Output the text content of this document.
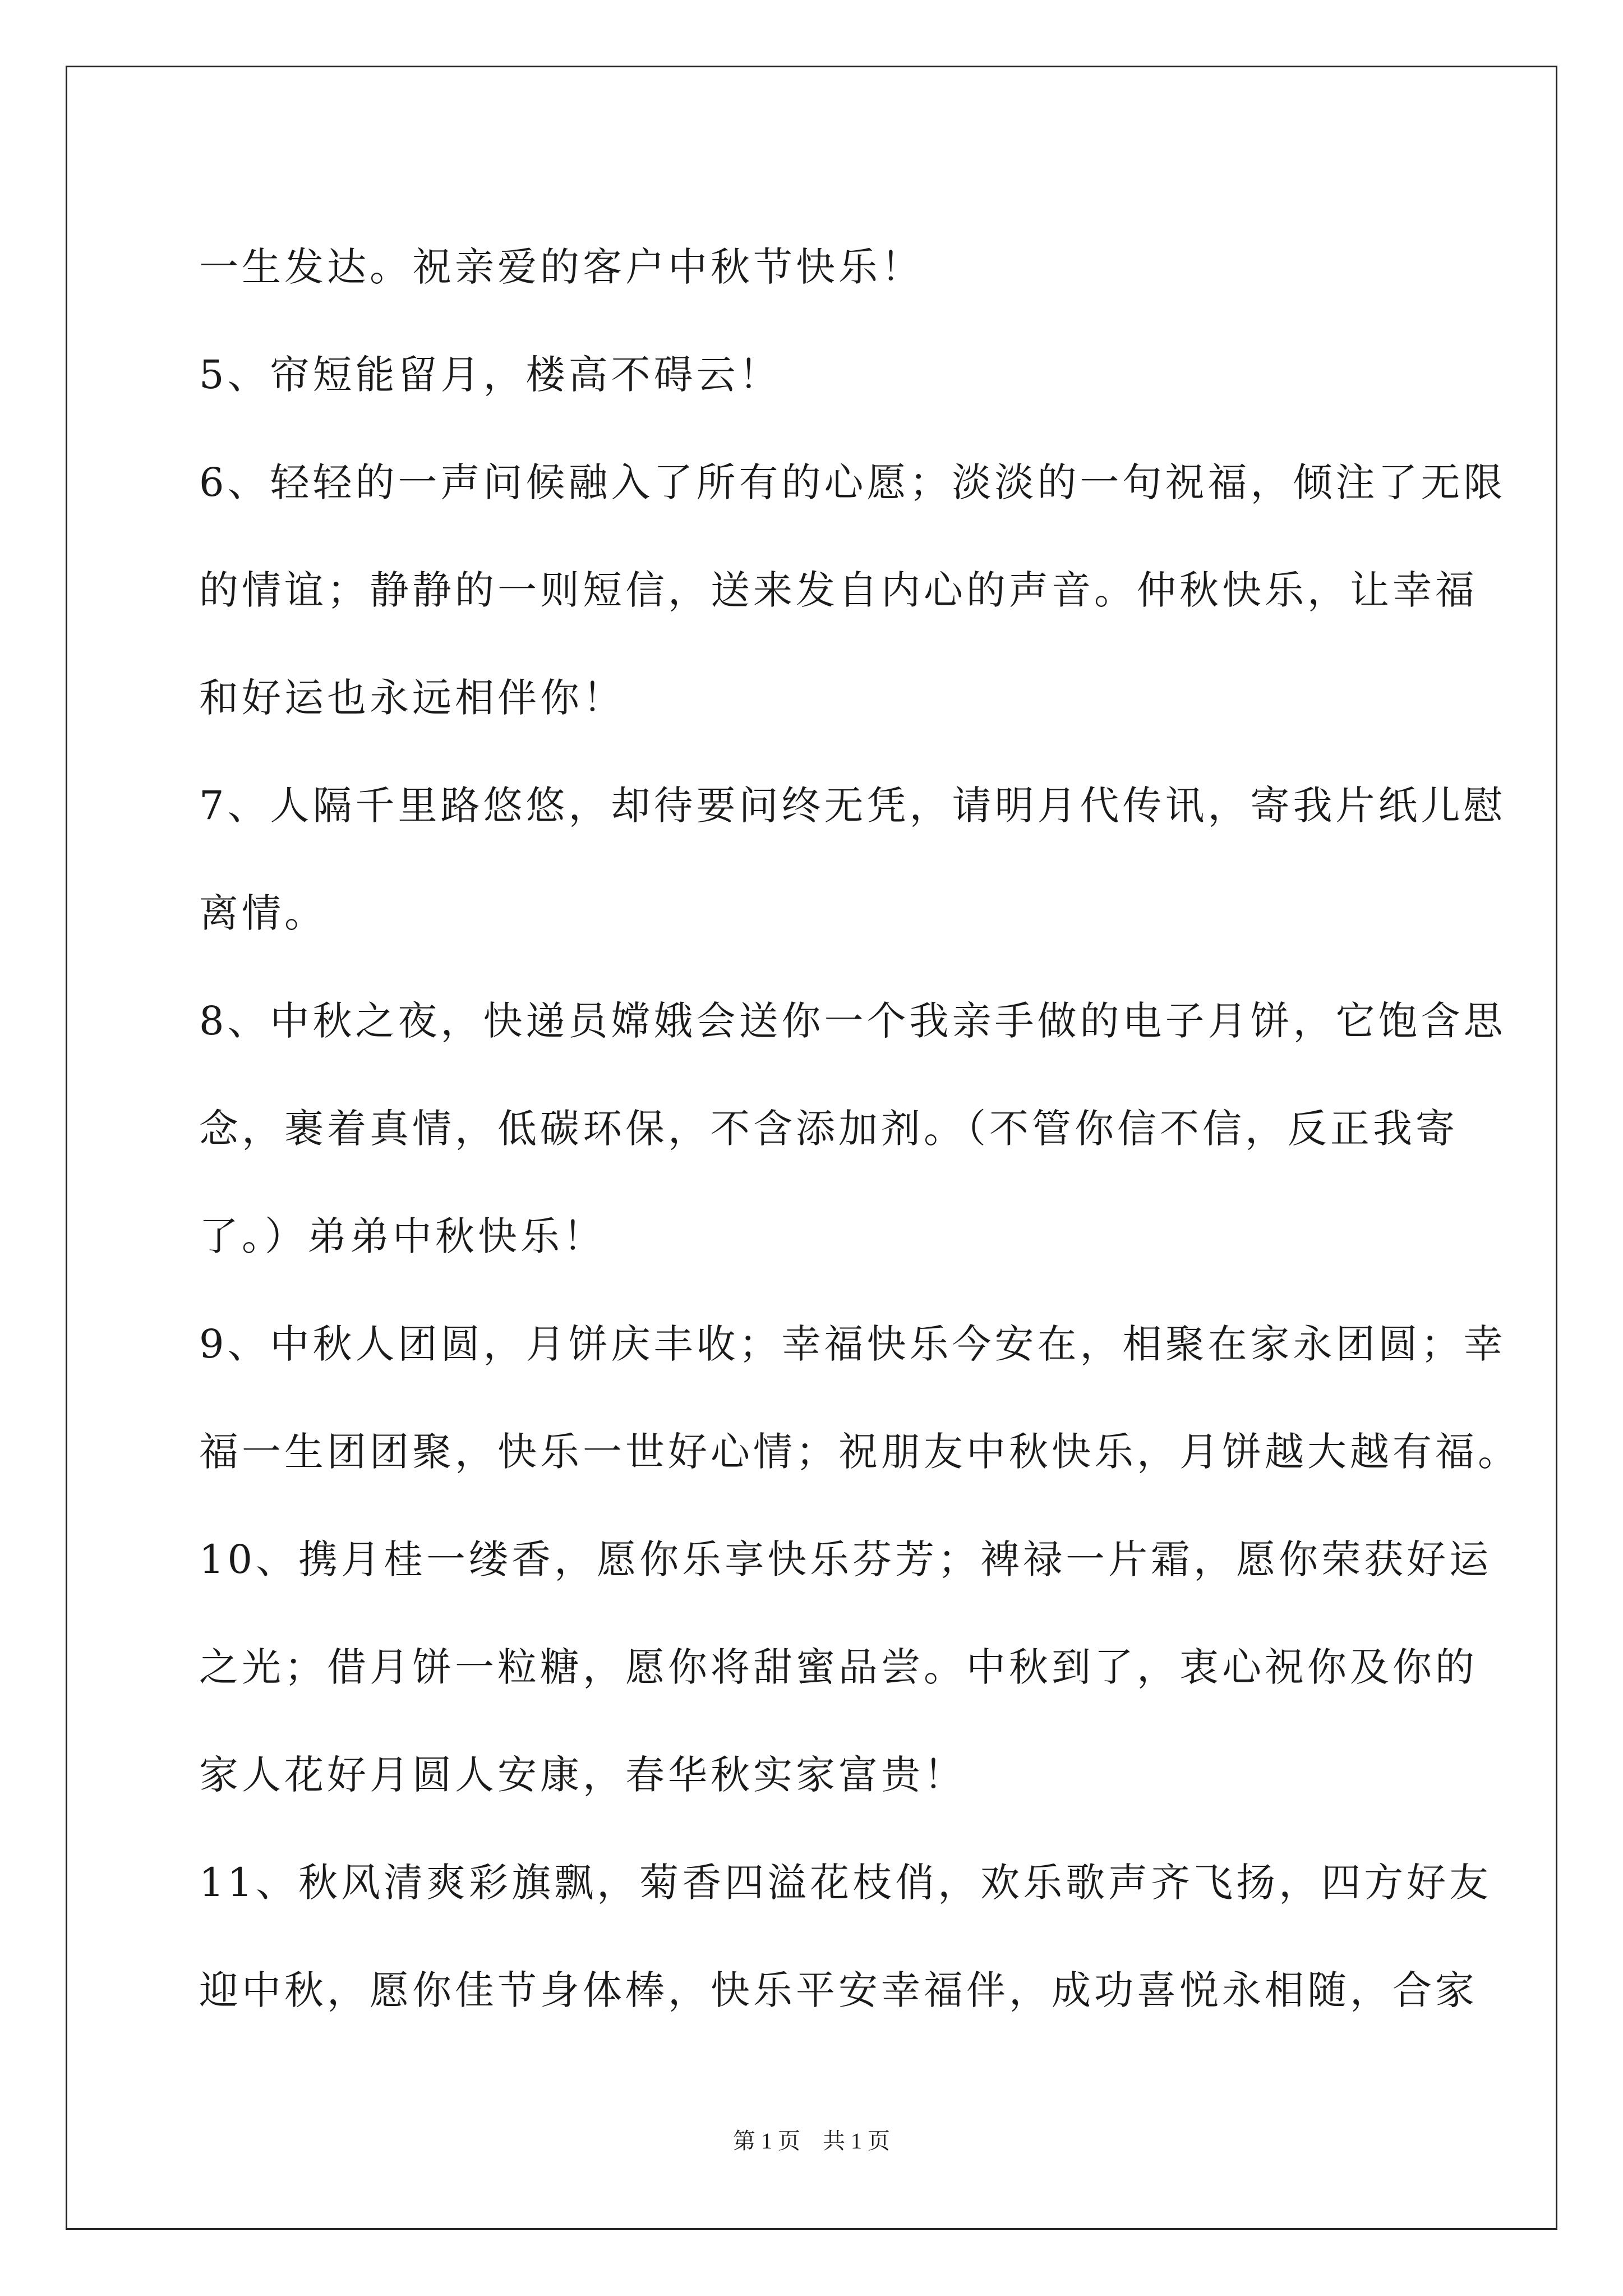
一生发达。祝亲爱的客户中秋节快乐！

5、帘短能留月，楼高不碍云！

6、轻轻的一声问候融入了所有的心愿；淡淡的一句祝福，倾注了无限

的情谊；静静的一则短信，送来发自内心的声音。仲秋快乐，让幸福

和好运也永远相伴你！

7、人隔千里路悠悠，却待要问终无凭，请明月代传讯，寄我片纸儿慰

离情。

8、中秋之夜，快递员嫦娥会送你一个我亲手做的电子月饼，它饱含思

念，裹着真情，低碳环保，不含添加剂。（不管你信不信，反正我寄

了。）弟弟中秋快乐！

9、中秋人团圆，月饼庆丰收；幸福快乐今安在，相聚在家永团圆；幸

福一生团团聚，快乐一世好心情；祝朋友中秋快乐，月饼越大越有福。

10、携月桂一缕香，愿你乐享快乐芬芳；裨禄一片霜，愿你荣获好运

之光；借月饼一粒糖，愿你将甜蜜品尝。中秋到了，衷心祝你及你的

家人花好月圆人安康，春华秋实家富贵！

11、秋风清爽彩旗飘，菊香四溢花枝俏，欢乐歌声齐飞扬，四方好友

迎中秋，愿你佳节身体棒，快乐平安幸福伴，成功喜悦永相随，合家

第 1 页　共 1 页
